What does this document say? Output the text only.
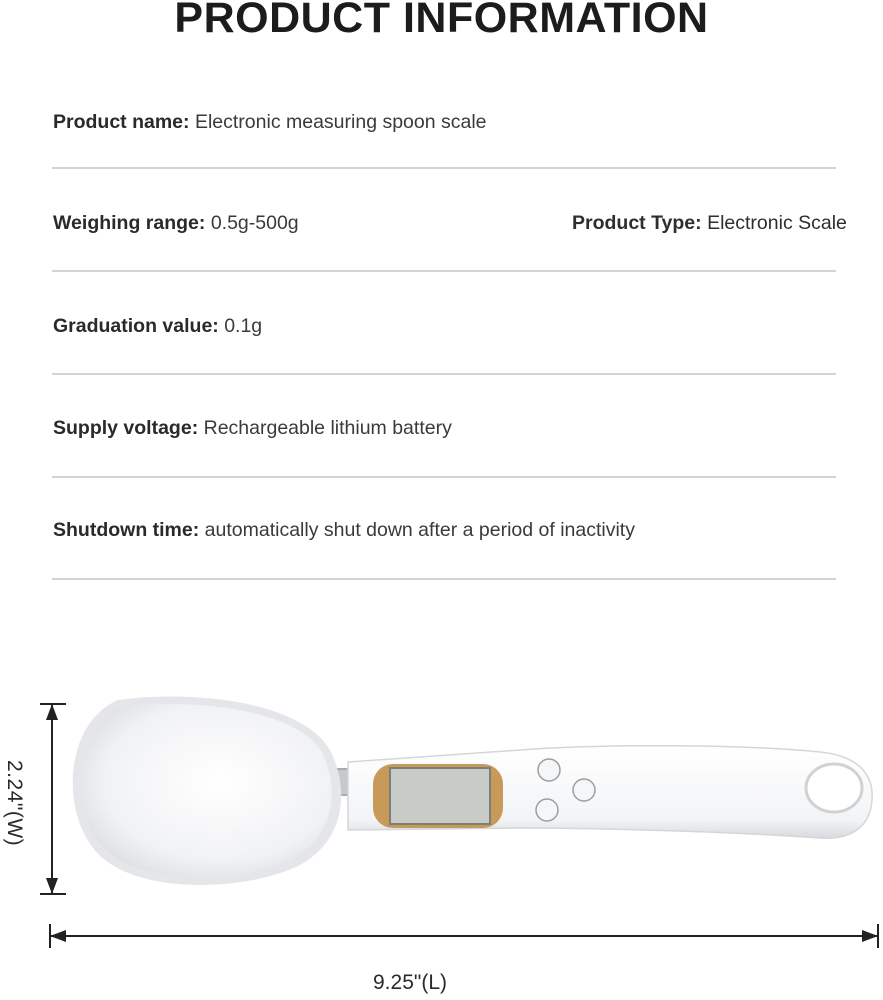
PRODUCT INFORMATION
Product name: Electronic measuring spoon scale
Weighing range: 0.5g-500g	Product Type: Electronic Scale
Graduation value: 0.1g
Supply voltage: Rechargeable lithium battery
Shutdown time: automatically shut down after a period of inactivity
2.24"(W)
9.25"(L)
